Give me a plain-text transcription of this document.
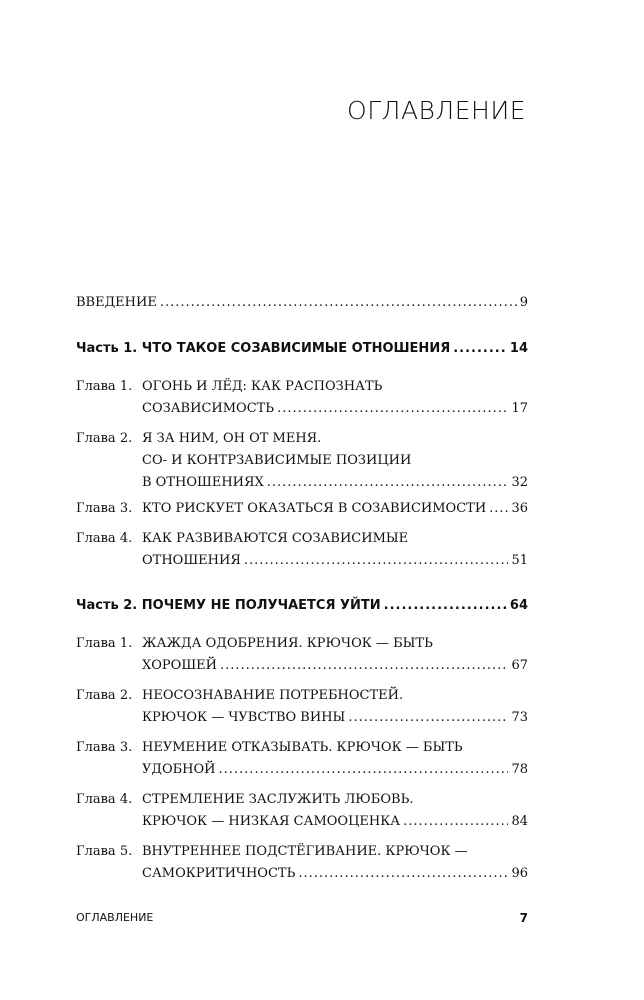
ОГЛАВЛЕНИЕ
ВВЕДЕНИЕ .....	9
Часть 1. ЧТО ТАКОЕ СОЗАВИСИМЫЕ ОТНОШЕНИЯ .....	14
Глава 1. ОГОНЬ И ЛЁД: КАК РАСПОЗНАТЬ
СОЗАВИСИМОСТЬ .....	17
Глава 2. Я ЗА НИМ, ОН ОТ МЕНЯ.
СО- И КОНТРЗАВИСИМЫЕ ПОЗИЦИИ
В ОТНОШЕНИЯХ .....	32
Глава 3. КТО РИСКУЕТ ОКАЗАТЬСЯ В СОЗАВИСИМОСТИ ..... 36
Глава 4. КАК РАЗВИВАЮТСЯ СОЗАВИСИМЫЕ
ОТНОШЕНИЯ .....	51
Часть 2. ПОЧЕМУ НЕ ПОЛУЧАЕТСЯ УЙТИ .....	64
Глава 1. ЖАЖДА ОДОБРЕНИЯ. КРЮЧОК — БЫТЬ
ХОРОШЕЙ .....	67
Глава 2. НЕОСОЗНАВАНИЕ ПОТРЕБНОСТЕЙ.
КРЮЧОК — ЧУВСТВО ВИНЫ .....	73
Глава 3. НЕУМЕНИЕ ОТКАЗЫВАТЬ. КРЮЧОК — БЫТЬ
УДОБНОЙ .....	78
Глава 4. СТРЕМЛЕНИЕ ЗАСЛУЖИТЬ ЛЮБОВЬ.
КРЮЧОК — НИЗКАЯ САМООЦЕНКА .....	84
Глава 5. ВНУТРЕННЕЕ ПОДСТЁГИВАНИЕ. КРЮЧОК —
САМОКРИТИЧНОСТЬ .....	96
ОГЛАВЛЕНИЕ	7
